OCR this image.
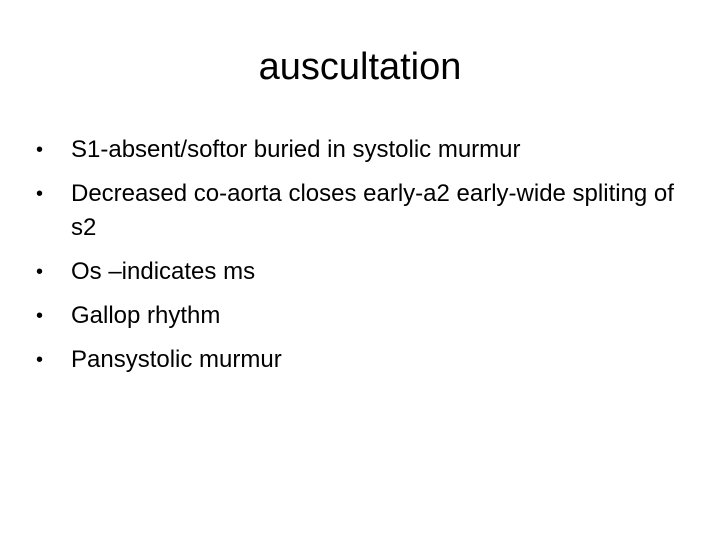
auscultation
•	S1-absent/softor buried in systolic murmur
•	Decreased co-aorta closes early-a2 early-wide spliting of s2
•	Os –indicates ms
•	Gallop rhythm
•	Pansystolic murmur
